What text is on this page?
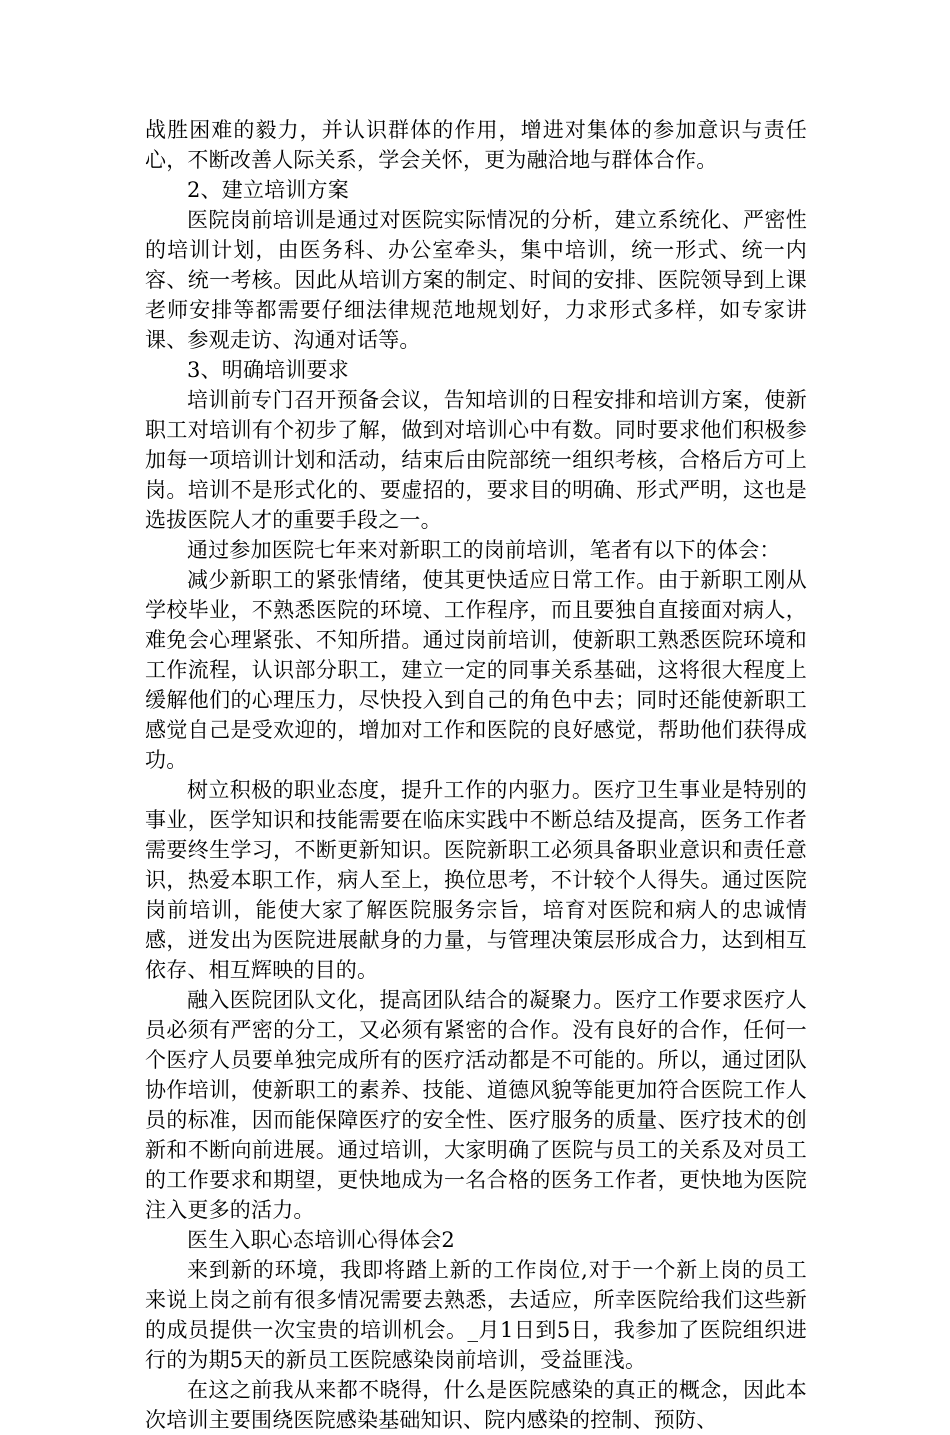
战胜困难的毅力，并认识群体的作用，增进对集体的参加意识与责任心，不断改善人际关系，学会关怀，更为融洽地与群体合作。

2、建立培训方案

医院岗前培训是通过对医院实际情况的分析，建立系统化、严密性的培训计划，由医务科、办公室牵头，集中培训，统一形式、统一内容、统一考核。因此从培训方案的制定、时间的安排、医院领导到上课老师安排等都需要仔细法律规范地规划好，力求形式多样，如专家讲课、参观走访、沟通对话等。

3、明确培训要求

培训前专门召开预备会议，告知培训的日程安排和培训方案，使新职工对培训有个初步了解，做到对培训心中有数。同时要求他们积极参加每一项培训计划和活动，结束后由院部统一组织考核，合格后方可上岗。培训不是形式化的、要虚招的，要求目的明确、形式严明，这也是选拔医院人才的重要手段之一。

通过参加医院七年来对新职工的岗前培训，笔者有以下的体会：

减少新职工的紧张情绪，使其更快适应日常工作。由于新职工刚从学校毕业，不熟悉医院的环境、工作程序，而且要独自直接面对病人，难免会心理紧张、不知所措。通过岗前培训，使新职工熟悉医院环境和工作流程，认识部分职工，建立一定的同事关系基础，这将很大程度上缓解他们的心理压力，尽快投入到自己的角色中去；同时还能使新职工感觉自己是受欢迎的，增加对工作和医院的良好感觉，帮助他们获得成功。

树立积极的职业态度，提升工作的内驱力。医疗卫生事业是特别的事业，医学知识和技能需要在临床实践中不断总结及提高，医务工作者需要终生学习，不断更新知识。医院新职工必须具备职业意识和责任意识，热爱本职工作，病人至上，换位思考，不计较个人得失。通过医院岗前培训，能使大家了解医院服务宗旨，培育对医院和病人的忠诚情感，迸发出为医院进展献身的力量，与管理决策层形成合力，达到相互依存、相互辉映的目的。

融入医院团队文化，提高团队结合的凝聚力。医疗工作要求医疗人员必须有严密的分工，又必须有紧密的合作。没有良好的合作，任何一个医疗人员要单独完成所有的医疗活动都是不可能的。所以，通过团队协作培训，使新职工的素养、技能、道德风貌等能更加符合医院工作人员的标准，因而能保障医疗的安全性、医疗服务的质量、医疗技术的创新和不断向前进展。通过培训，大家明确了医院与员工的关系及对员工的工作要求和期望，更快地成为一名合格的医务工作者，更快地为医院注入更多的活力。

医生入职心态培训心得体会2

来到新的环境，我即将踏上新的工作岗位,对于一个新上岗的员工来说上岗之前有很多情况需要去熟悉，去适应，所幸医院给我们这些新的成员提供一次宝贵的培训机会。_月1日到5日，我参加了医院组织进行的为期5天的新员工医院感染岗前培训，受益匪浅。

在这之前我从来都不晓得，什么是医院感染的真正的概念，因此本次培训主要围绕医院感染基础知识、院内感染的控制、预防、
